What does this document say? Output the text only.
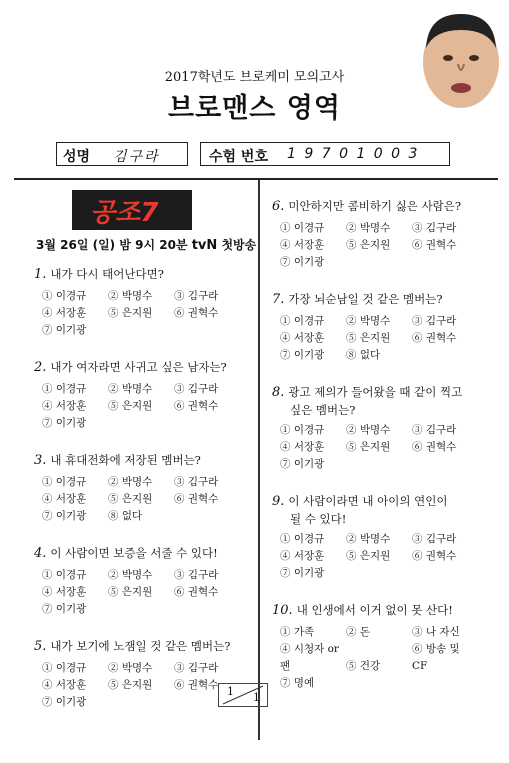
2017학년도 브로케미 모의고사
브로맨스 영역
성명 김구라	수험 번호 1 9 7 0 1 0 0 3
공조7
3월 26일 (일) 밤 9시 20분 tvN 첫방송
1. 내가 다시 태어난다면?
① 이경규 ② 박명수 ③ 김구라
④ 서장훈 ⑤ 은지원 ⑥ 권혁수
⑦ 이기광
2. 내가 여자라면 사귀고 싶은 남자는?
① 이경규 ② 박명수 ③ 김구라
④ 서장훈 ⑤ 은지원 ⑥ 권혁수
⑦ 이기광
3. 내 휴대전화에 저장된 멤버는?
① 이경규 ② 박명수 ③ 김구라
④ 서장훈 ⑤ 은지원 ⑥ 권혁수
⑦ 이기광 ⑧ 없다
4. 이 사람이면 보증을 서줄 수 있다!
① 이경규 ② 박명수 ③ 김구라
④ 서장훈 ⑤ 은지원 ⑥ 권혁수
⑦ 이기광
5. 내가 보기에 노잼일 것 같은 멤버는?
① 이경규 ② 박명수 ③ 김구라
④ 서장훈 ⑤ 은지원 ⑥ 권혁수
⑦ 이기광
6. 미안하지만 콤비하기 싫은 사람은?
① 이경규 ② 박명수 ③ 김구라
④ 서장훈 ⑤ 은지원 ⑥ 권혁수
⑦ 이기광
7. 가장 뇌순남일 것 같은 멤버는?
① 이경규 ② 박명수 ③ 김구라
④ 서장훈 ⑤ 은지원 ⑥ 권혁수
⑦ 이기광 ⑧ 없다
8. 광고 제의가 들어왔을 때 같이 찍고
싶은 멤버는?
① 이경규 ② 박명수 ③ 김구라
④ 서장훈 ⑤ 은지원 ⑥ 권혁수
⑦ 이기광
9. 이 사람이라면 내 아이의 연인이
될 수 있다!
① 이경규 ② 박명수 ③ 김구라
④ 서장훈 ⑤ 은지원 ⑥ 권혁수
⑦ 이기광
10. 내 인생에서 이거 없이 못 산다!
① 가족	② 돈	③ 나 자신
④ 시청자 or 팬	⑤ 건강⑥ 방송 및 CF
⑦ 명예
1 1
